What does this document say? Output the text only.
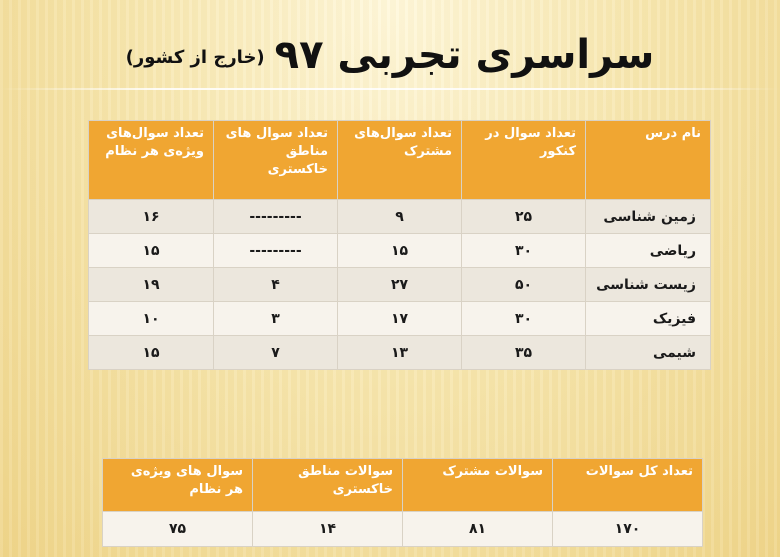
سراسری تجربی ۹۷
(خارج از کشور)
نام درس	تعداد سوال در کنکور	تعداد سوال‌های مشترک	تعداد سوال های مناطق خاکستری	تعداد سوال‌های ویژه‌ی هر نظام
زمین شناسی	۲۵	۹	---------	۱۶
ریاضی	۳۰	۱۵	---------	۱۵
زیست شناسی	۵۰	۲۷	۴	۱۹
فیزیک	۳۰	۱۷	۳	۱۰
شیمی	۳۵	۱۳	۷	۱۵
تعداد کل سوالات	سوالات مشترک	سوالات مناطق خاکستری	سوال های ویژه‌ی هر نظام
۱۷۰	۸۱	۱۴	۷۵
